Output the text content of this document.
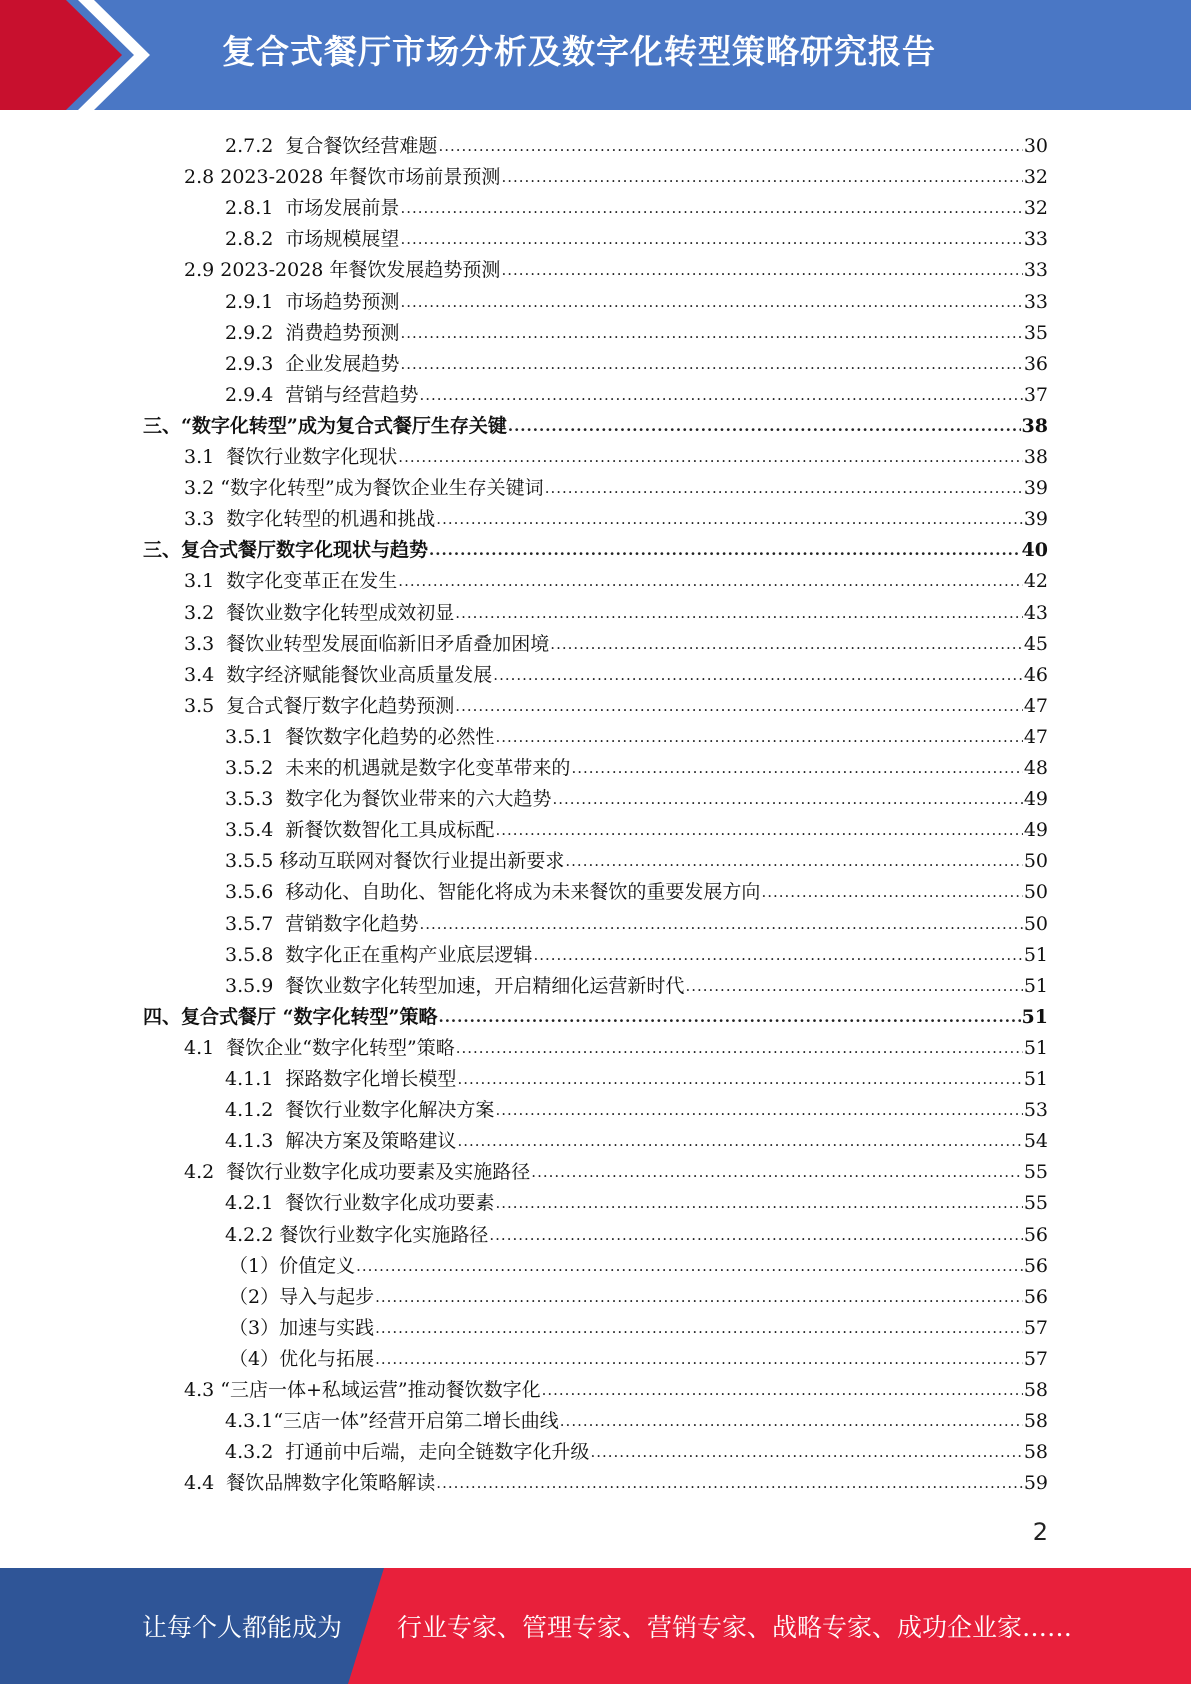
复合式餐厅市场分析及数字化转型策略研究报告
2.7.2  复合餐饮经营难题 .....	30
2.8 2023-2028 年餐饮市场前景预测 .....	32
2.8.1  市场发展前景 .....	32
2.8.2  市场规模展望 .....	33
2.9 2023-2028 年餐饮发展趋势预测 .....	33
2.9.1  市场趋势预测 .....	33
2.9.2  消费趋势预测 .....	35
2.9.3  企业发展趋势 .....	36
2.9.4  营销与经营趋势 .....	37
三、“数字化转型”成为复合式餐厅生存关键 .....	38
3.1  餐饮行业数字化现状 .....	38
3.2 “数字化转型”成为餐饮企业生存关键词 .....	39
3.3  数字化转型的机遇和挑战 .....	39
三、复合式餐厅数字化现状与趋势 .....	40
3.1  数字化变革正在发生 .....	42
3.2  餐饮业数字化转型成效初显 .....	43
3.3  餐饮业转型发展面临新旧矛盾叠加困境 .....	45
3.4  数字经济赋能餐饮业高质量发展 .....	46
3.5  复合式餐厅数字化趋势预测 .....	47
3.5.1  餐饮数字化趋势的必然性 .....	47
3.5.2  未来的机遇就是数字化变革带来的 .....	48
3.5.3  数字化为餐饮业带来的六大趋势 .....	49
3.5.4  新餐饮数智化工具成标配 .....	49
3.5.5 移动互联网对餐饮行业提出新要求 .....	50
3.5.6  移动化、自助化、智能化将成为未来餐饮的重要发展方向 .....	50
3.5.7  营销数字化趋势 .....	50
3.5.8  数字化正在重构产业底层逻辑 .....	51
3.5.9  餐饮业数字化转型加速，开启精细化运营新时代 .....	51
四、复合式餐厅 “数字化转型”策略 .....	51
4.1  餐饮企业“数字化转型”策略 .....	51
4.1.1  探路数字化增长模型 .....	51
4.1.2  餐饮行业数字化解决方案 .....	53
4.1.3  解决方案及策略建议 .....	54
4.2  餐饮行业数字化成功要素及实施路径 .....	55
4.2.1  餐饮行业数字化成功要素 .....	55
4.2.2 餐饮行业数字化实施路径 .....	56
（1）价值定义 .....	56
（2）导入与起步 .....	56
（3）加速与实践 .....	57
（4）优化与拓展 .....	57
4.3 “三店一体+私域运营”推动餐饮数字化 .....	58
4.3.1“三店一体”经营开启第二增长曲线 .....	58
4.3.2  打通前中后端，走向全链数字化升级 .....	58
4.4  餐饮品牌数字化策略解读 .....	59
2
让每个人都能成为 行业专家、管理专家、营销专家、战略专家、成功企业家……
